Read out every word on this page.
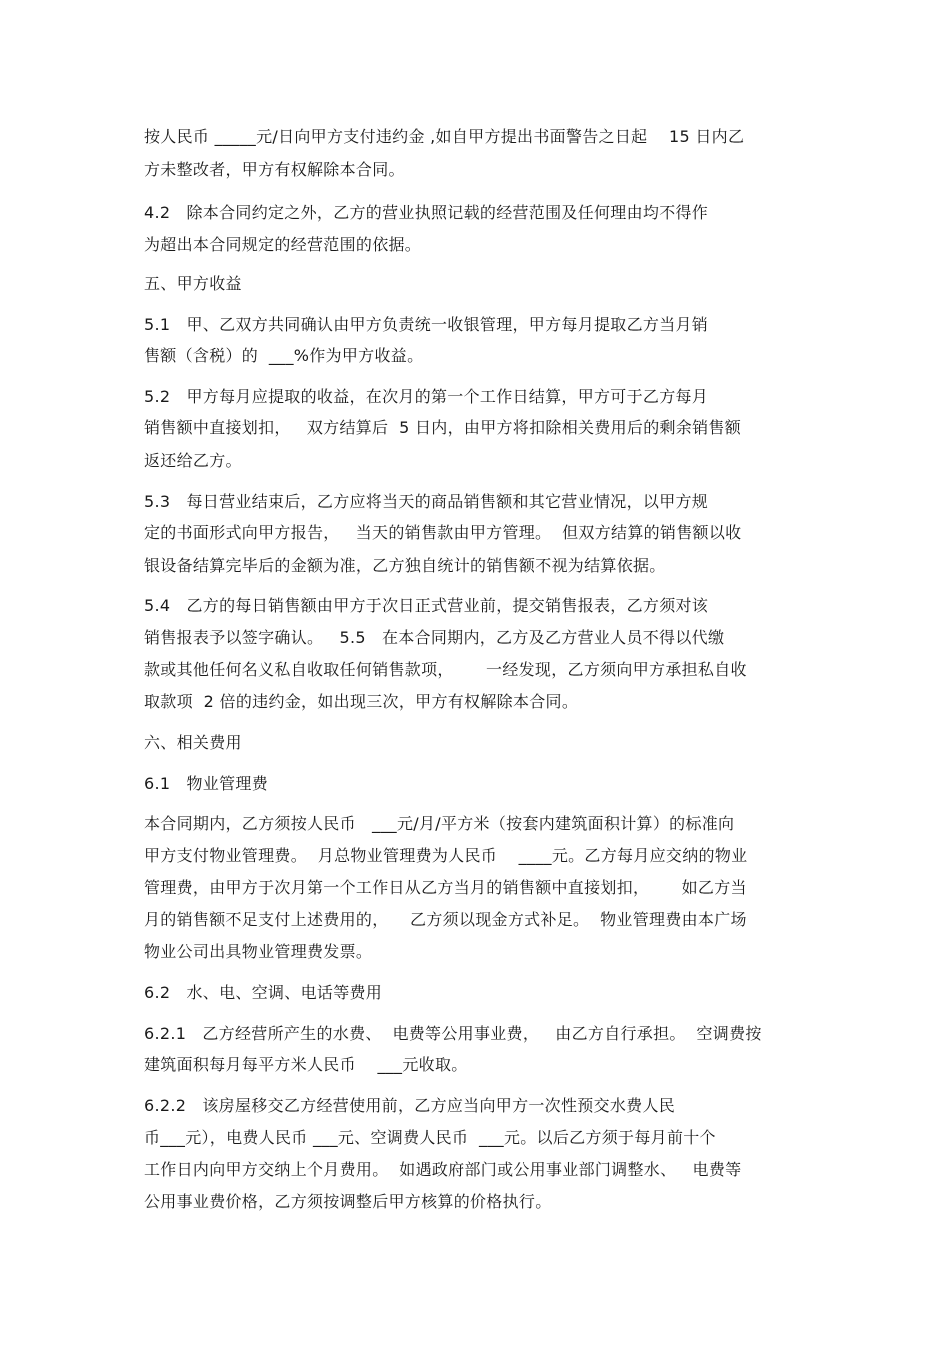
按人民币 _____元/日向甲方支付违约金 ,如自甲方提出书面警告之日起    15 日内乙
方未整改者，甲方有权解除本合同。
4.2   除本合同约定之外，乙方的营业执照记载的经营范围及任何理由均不得作
为超出本合同规定的经营范围的依据。
五、甲方收益
5.1   甲、乙双方共同确认由甲方负责统一收银管理，甲方每月提取乙方当月销
售额（含税）的  ___%作为甲方收益。
5.2   甲方每月应提取的收益，在次月的第一个工作日结算，甲方可于乙方每月
销售额中直接划扣，   双方结算后  5 日内，由甲方将扣除相关费用后的剩余销售额
返还给乙方。
5.3   每日营业结束后，乙方应将当天的商品销售额和其它营业情况，以甲方规
定的书面形式向甲方报告，   当天的销售款由甲方管理。  但双方结算的销售额以收
银设备结算完毕后的金额为准，乙方独自统计的销售额不视为结算依据。
5.4   乙方的每日销售额由甲方于次日正式营业前，提交销售报表，乙方须对该
销售报表予以签字确认。   5.5   在本合同期内，乙方及乙方营业人员不得以代缴
款或其他任何名义私自收取任何销售款项，      一经发现，乙方须向甲方承担私自收
取款项  2 倍的违约金，如出现三次，甲方有权解除本合同。
六、相关费用
6.1   物业管理费
本合同期内，乙方须按人民币   ___元/月/平方米（按套内建筑面积计算）的标准向
甲方支付物业管理费。  月总物业管理费为人民币    ____元。乙方每月应交纳的物业
管理费，由甲方于次月第一个工作日从乙方当月的销售额中直接划扣，      如乙方当
月的销售额不足支付上述费用的，    乙方须以现金方式补足。  物业管理费由本广场
物业公司出具物业管理费发票。
6.2   水、电、空调、电话等费用
6.2.1   乙方经营所产生的水费、  电费等公用事业费，   由乙方自行承担。  空调费按
建筑面积每月每平方米人民币    ___元收取。
6.2.2   该房屋移交乙方经营使用前，乙方应当向甲方一次性预交水费人民
币___元），电费人民币 ___元、空调费人民币  ___元。以后乙方须于每月前十个
工作日内向甲方交纳上个月费用。  如遇政府部门或公用事业部门调整水、   电费等
公用事业费价格，乙方须按调整后甲方核算的价格执行。
